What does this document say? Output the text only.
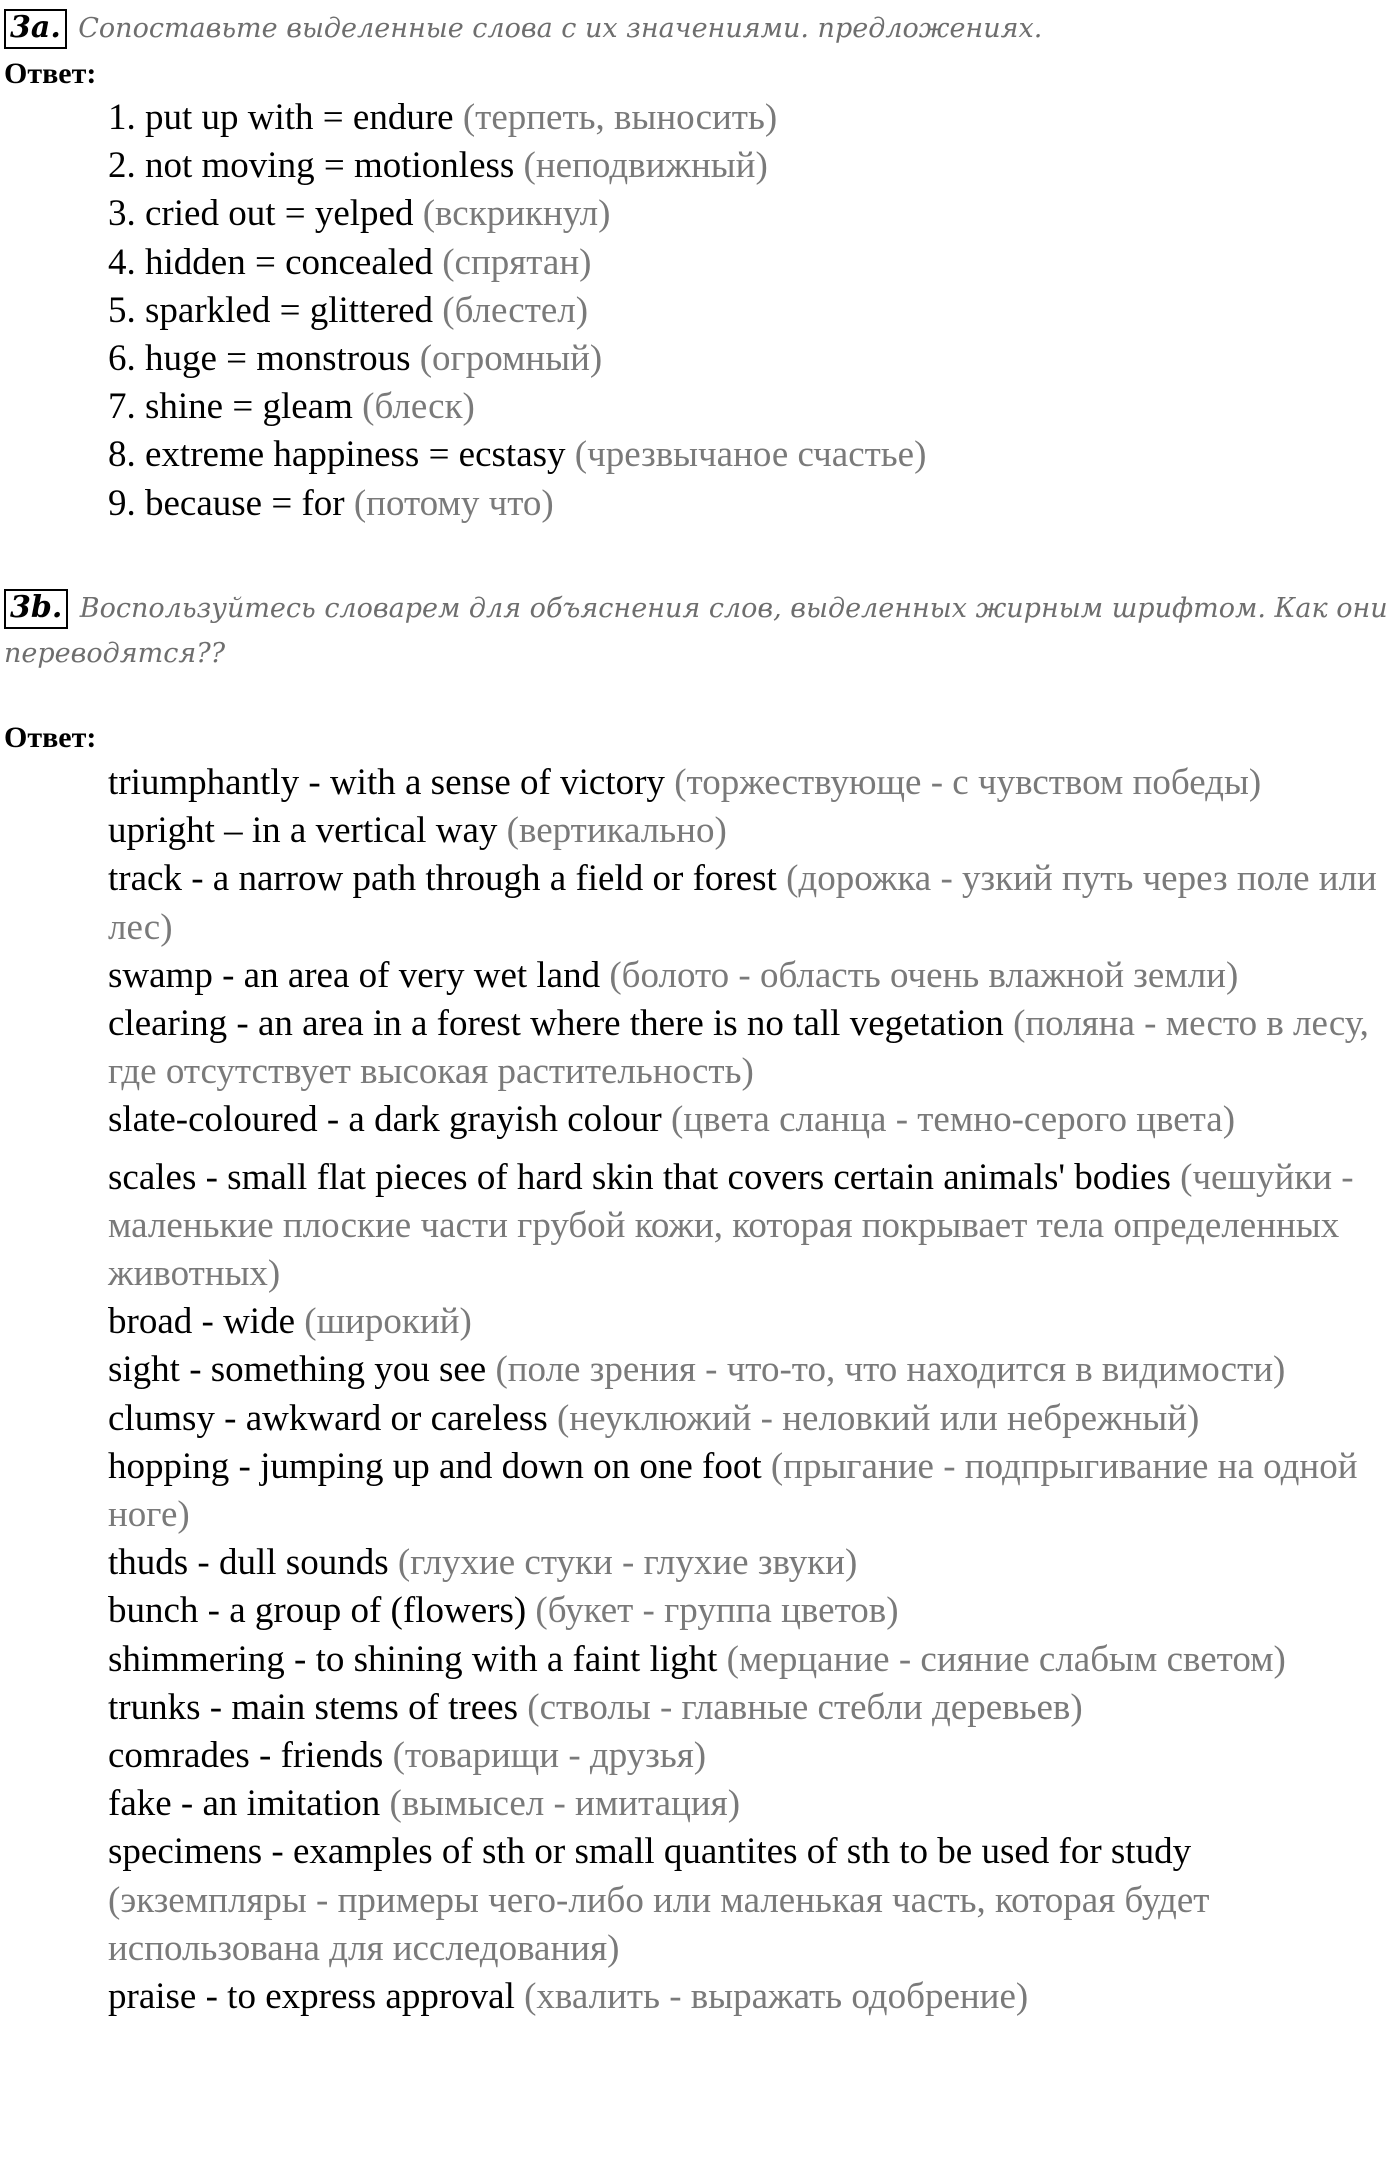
3a. Сопоставьте выделенные слова с их значениями. предложениях.
Ответ:
1. put up with = endure (терпеть, выносить)
2. not moving = motionless (неподвижный)
3. cried out = yelped (вскрикнул)
4. hidden = concealed (спрятан)
5. sparkled = glittered (блестел)
6. huge = monstrous (огромный)
7. shine = gleam (блеск)
8. extreme happiness = ecstasy (чрезвычаное счастье)
9. because = for (потому что)
3b. Воспользуйтесь словарем для объяснения слов, выделенных жирным шрифтом. Как они переводятся??
Ответ:
triumphantly - with a sense of victory (торжествующе - с чувством победы)
upright – in a vertical way (вертикально)
track - a narrow path through a field or forest (дорожка - узкий путь через поле или лес)
swamp - an area of very wet land (болото - область очень влажной земли)
clearing - an area in a forest where there is no tall vegetation (поляна - место в лесу, где отсутствует высокая растительность)
slate-coloured - a dark grayish colour (цвета сланца - темно-серого цвета)
scales - small flat pieces of hard skin that covers certain animals' bodies (чешуйки - маленькие плоские части грубой кожи, которая покрывает тела определенных животных)
broad - wide (широкий)
sight - something you see (поле зрения - что-то, что находится в видимости)
clumsy - awkward or careless (неуклюжий - неловкий или небрежный)
hopping - jumping up and down on one foot (прыгание - подпрыгивание на одной ноге)
thuds - dull sounds (глухие стуки - глухие звуки)
bunch - a group of (flowers) (букет - группа цветов)
shimmering - to shining with a faint light (мерцание - сияние слабым светом)
trunks - main stems of trees (стволы - главные стебли деревьев)
comrades - friends (товарищи - друзья)
fake - an imitation (вымысел - имитация)
specimens - examples of sth or small quantites of sth to be used for study (экземпляры - примеры чего-либо или маленькая часть, которая будет использована для исследования)
praise - to express approval (хвалить - выражать одобрение)
